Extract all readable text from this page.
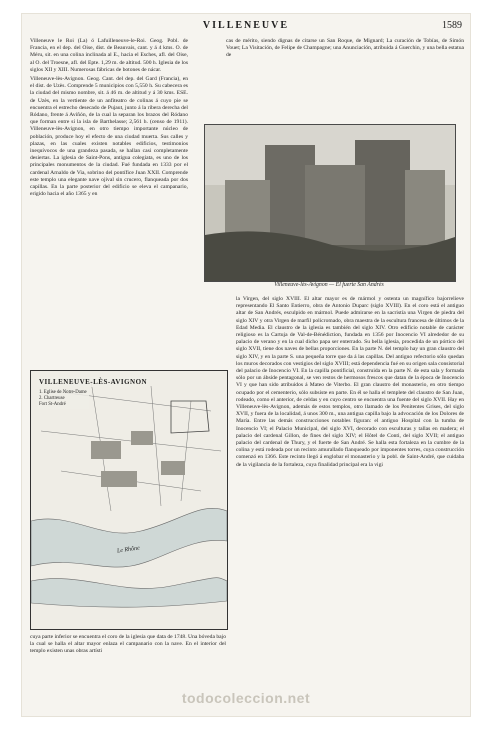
VILLENEUVE	1589

Villeneuve le Roi (La) ó Lafuilleneuve-le-Roi. Geog. Pobl. de Francia, en el dep. del Oise, dist. de Beauvais, cant. y á 4 kms. O. de Méru, sit. en una colina inclinada al E., hacia el Esches, afl. del Oise, al O. del Troesne, afl. del Epte. 1,29 m. de altitud. 500 h. Iglesia de los siglos XII y XIII. Numerosas fábricas de botones de nácar.

Villeneuve-lès-Avignon. Geog. Cant. del dep. del Gard (Francia), en el dist. de Uzès. Comprende 5 municipios con 5,550 h. Su cabecera es la ciudad del mismo nombre, sit. á 46 m. de altitud y á 30 kms. ESE. de Uzès, en la vertiente de un anfiteatro de colinas á cuyo pie se encuentra el estrecho desecado de Pujaut, junto á la ribera derecha del Ródano, frente á Aviñón, de la cual la separan los brazos del Ródano que forman entre sí la isla de Barthelasse; 2,561 h. (censo de 1911). Villeneuve-lès-Avignon, en otro tiempo importante núcleo de población, produce hoy el efecto de una ciudad muerta. Sus calles y plazas, en las cuales existen notables edificios, testimonios inequívocos de una grandeza pasada, se hallan casi completamente desiertas. La iglesia de Saint-Pons, antigua colegiata, es uno de los principales monumentos de la ciudad. Fué fundada en 1333 por el cardenal Arnaldo de Via, sobrino del pontífice Juan XXII. Comprende este templo una elegante nave ojival sin crucero, flanqueada por dos capillas. En la parte posterior del edificio se eleva el campanario, erigido hacia el año 1365 y en

cas de mérito, siendo dignas de citarse un San Roque, de Mignard; La curación de Tobías, de Simón Vouet; La Visitación, de Felipe de Champagne; una Anunciación, atribuida á Guerchin, y una bella estatua de

Villeneuve-lès-Avignon — El fuerte San Andrés

la Virgen, del siglo XVIII. El altar mayor es de mármol y ostenta un magnífico bajorrelieve representando El Santo Entierro, obra de Antonio Duparc (siglo XVIII). En el coro está el antiguo altar de San Andrés, esculpido en mármol. Puede admirarse en la sacristía una Virgen de piedra del siglo XIV y otra Virgen de marfil policromado, obra maestra de la escultura francesa de últimos de la Edad Media. El claustro de la iglesia es también del siglo XIV. Otro edificio notable de carácter religioso es la Cartuja de Val-de-Bénédiction, fundada en 1356 por Inocencio VI alrededor de su palacio de verano y en la cual dicho papa ser enterrado. Su bella iglesia, procedida de un pórtico del siglo XVII, tiene dos naves de bellas proporciones. En la parte N. del templo hay un gran claustro del siglo XIV, y en la parte S. una pequeña torre que da á las capillas. Del antiguo refectorio sólo quedan los muros decorados con vestigios del siglo XVIII; está dependencia fué en su origen sala consistorial del palacio de Inocencio VI. En la capilla pontificial, construida en la parte N. de esta sala y formada sólo por un ábside pentagonal, se ven restos de hermosos frescos que datan de la época de Inocencio VI y que han sido atribuidos á Mateo de Viterbo. El gran claustro del monasterio, en otro tiempo ocupado por el cementerio, sólo subsiste en parte. En él se halla el templete del claustro de San Juan, rodeado, como el anterior, de celdas y en cuyo centro se encuentra una fuente del siglo XVII. Hay en Villeneuve-lès-Avignon, además de estos templos, otro llamado de los Penitentes Grises, del siglo XVII, y fuera de la localidad, á unos 300 m., una antigua capilla bajo la advocación de los Dolores de María. Entre las demás construcciones notables figuran: el antiguo Hospital con la tumba de Inocencio VI; el Palacio Municipal, del siglo XVI, decorado con esculturas y tallas en madera; el palacio del cardenal Gillon, de fines del siglo XIV; el Hôtel de Conti, del siglo XVII; el antiguo palacio del cardenal de Thury, y el fuerte de San André. Se halla esta fortaleza en la cumbre de la colina y está rodeada por un recinto amurallado flanqueado por imponentes torres, cuya construcción comenzó en 1366. Este recinto llegó á englobar el monasterio y la pobl. de Saint-André, que cuidaba de la vigilancia de la fortaleza, cuya finalidad principal era la vigi

VILLENEUVE-LÈS-AVIGNON
1. Eglise de Notre-Dame
2. Chartreuse
Fort St-André
Le Rhône
cuya parte inferior se encuentra el coro de la iglesia que data de 1748. Una bóveda bajo la cual se halla el altar mayor enlaza el campanario con la nave. En el interior del templo existen unas obras artísti
todocoleccion.net
